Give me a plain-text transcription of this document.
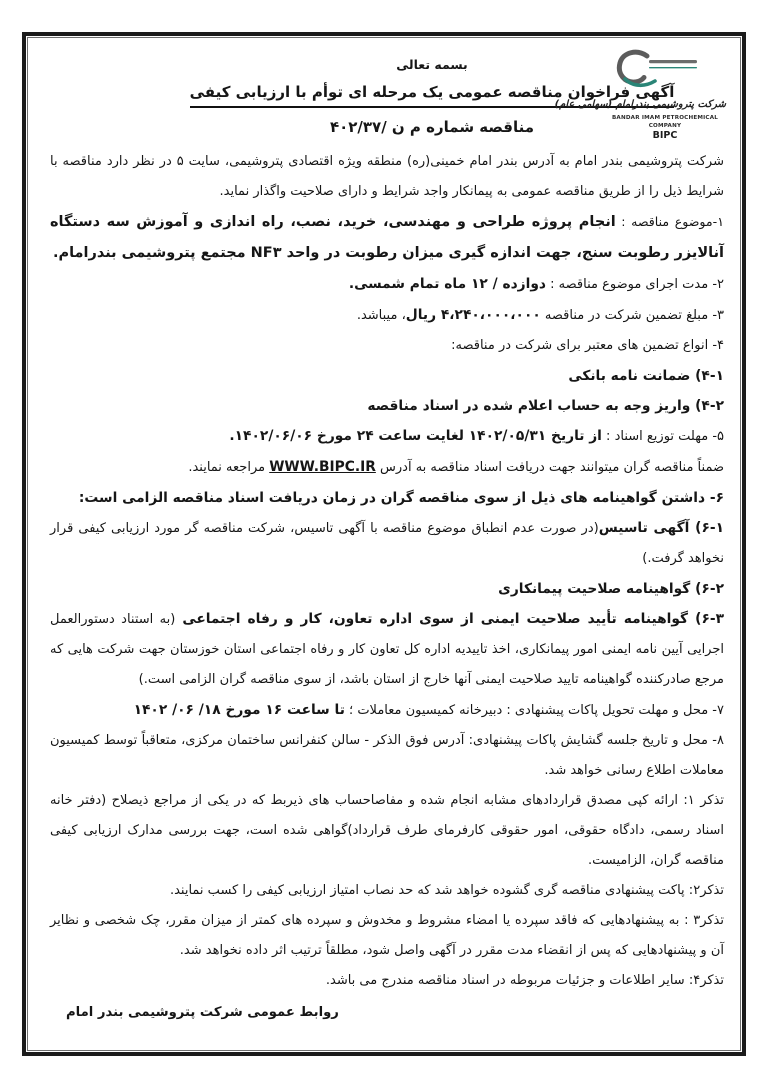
شرکت پتروشیمی بندرامام (سهامی عام)
BANDAR IMAM PETROCHEMICAL COMPANY
BIPC
بسمه تعالی
آگهی فراخوان مناقصه عمومی یک مرحله ای توأم با ارزیابی کیفی
مناقصه شماره م ن /۴۰۲/۳۷

شرکت پتروشیمی بندر امام به آدرس بندر امام خمینی(ره) منطقه ویژه اقتصادی پتروشیمی، سایت ۵ در نظر دارد مناقصه با شرایط ذیل را از طریق مناقصه عمومی به پیمانکار واجد شرایط و دارای صلاحیت واگذار نماید.

۱-موضوع مناقصه : انجام پروژه طراحی و مهندسی، خرید، نصب، راه اندازی و آموزش سه دستگاه آنالایزر رطوبت سنج، جهت اندازه گیری میزان رطوبت در واحد NF۳ مجتمع پتروشیمی بندرامام.

۲- مدت اجرای موضوع مناقصه : دوازده / ۱۲ ماه تمام شمسی.

۳- مبلغ تضمین شرکت در مناقصه ۴،۲۴۰،۰۰۰،۰۰۰ ریال، میباشد.

۴- انواع تضمین های معتبر برای شرکت در مناقصه:

۴-۱) ضمانت نامه بانکی

۴-۲) واریز وجه به حساب اعلام شده در اسناد مناقصه

۵- مهلت توزیع اسناد : از تاریخ ۱۴۰۲/۰۵/۳۱ لغایت ساعت ۲۴ مورخ ۱۴۰۲/۰۶/۰۶.

ضمناً مناقصه گران میتوانند جهت دریافت اسناد مناقصه به آدرس WWW.BIPC.IR مراجعه نمایند.

۶- داشتن گواهینامه های ذیل از سوی مناقصه گران در زمان دریافت اسناد مناقصه الزامی است:

۶-۱) آگهی تاسیس(در صورت عدم انطباق موضوع مناقصه با آگهی تاسیس، شرکت مناقصه گر مورد ارزیابی کیفی قرار نخواهد گرفت.)

۶-۲) گواهینامه صلاحیت پیمانکاری

۶-۳) گواهینامه تأیید صلاحیت ایمنی از سوی اداره تعاون، کار و رفاه اجتماعی (به استناد دستورالعمل اجرایی آیین نامه ایمنی امور پیمانکاری، اخذ تاییدیه اداره کل تعاون کار و رفاه اجتماعی استان خوزستان جهت شرکت هایی که مرجع صادرکننده گواهینامه تایید صلاحیت ایمنی آنها خارج از استان باشد، از سوی مناقصه گران الزامی است.)

۷- محل و مهلت تحویل پاکات پیشنهادی : دبیرخانه کمیسیون معاملات ؛ تا ساعت ۱۶ مورخ ۱۸/ ۰۶/ ۱۴۰۲

۸- محل و تاریخ جلسه گشایش پاکات پیشنهادی: آدرس فوق الذکر - سالن کنفرانس ساختمان مرکزی، متعاقباً توسط کمیسیون معاملات اطلاع رسانی خواهد شد.

تذکر ۱: ارائه کپی مصدق قراردادهای مشابه انجام شده و مفاصاحساب های ذیربط که در یکی از مراجع ذیصلاح (دفتر خانه اسناد رسمی، دادگاه حقوقی، امور حقوقی کارفرمای طرف قرارداد)گواهی شده است، جهت بررسی مدارک ارزیابی کیفی مناقصه گران، الزامیست.

تذکر۲: پاکت پیشنهادی مناقصه گری گشوده خواهد شد که حد نصاب امتیاز ارزیابی کیفی را کسب نمایند.

تذکر۳ : به پیشنهادهایی که فاقد سپرده یا امضاء مشروط و مخدوش و سپرده های کمتر از میزان مقرر، چک شخصی و نظایر آن و پیشنهادهایی که پس از انقضاء مدت مقرر در آگهی واصل شود، مطلقاً ترتیب اثر داده نخواهد شد.

تذکر۴: سایر اطلاعات و جزئیات مربوطه در اسناد مناقصه مندرج می باشد.

روابط عمومی شرکت پتروشیمی بندر امام
